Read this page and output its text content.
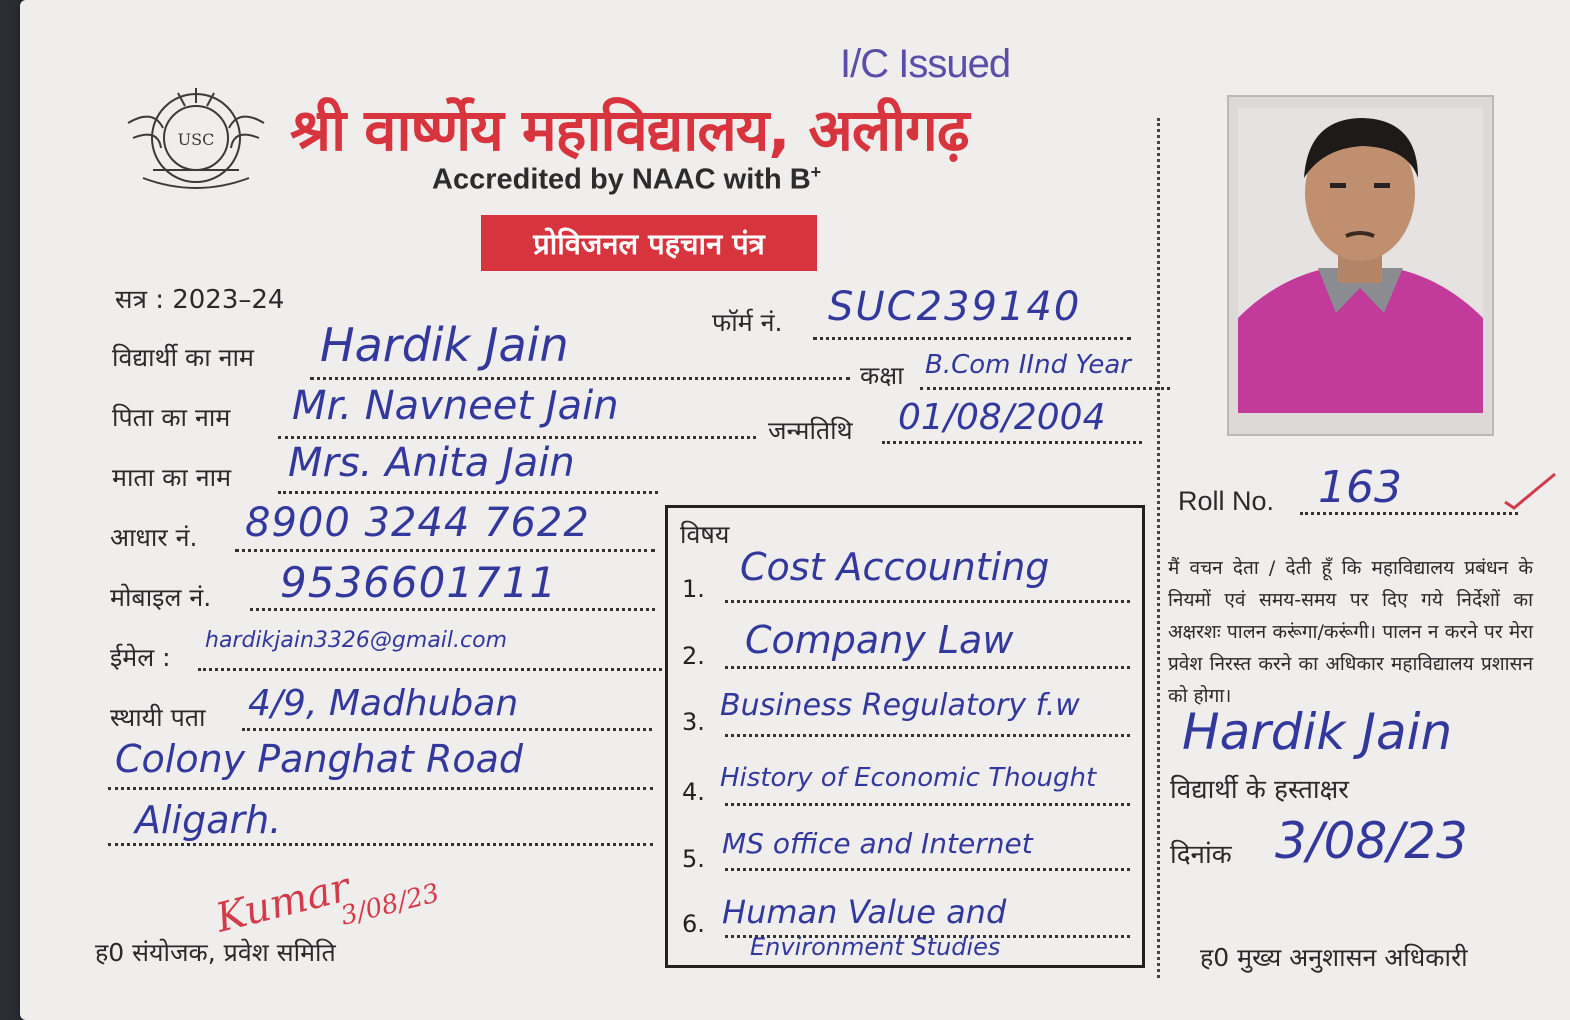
USC श्री वार्ष्णेय महाविद्यालय, अलीगढ़
I/C Issued
Accredited by NAAC with B+
प्रोविजनल पहचान पंत्र
सत्र : 2023–24
फॉर्म नं. SUC239140
विद्यार्थी का नाम Hardik Jain
कक्षा B.Com IInd Year
पिता का नाम Mr. Navneet Jain
जन्मतिथि 01/08/2004
माता का नाम Mrs. Anita Jain
आधार नं. 8900 3244 7622
मोबाइल नं. 9536601711
ईमेल :
hardikjain3326@gmail.com
स्थायी पता 4/9, Madhuban
Colony Panghat Road
Aligarh.
Kumar
3/08/23
ह0 संयोजक, प्रवेश समिति
विषय
1. Cost Accounting
2. Company Law
3. Business Regulatory f.w
4. History of Economic Thought
5. MS office and Internet
6. Human Value and
Environment Studies
Roll No. 163
मैं वचन देता / देती हूँ कि महाविद्यालय प्रबंधन के नियमों एवं समय-समय पर दिए गये निर्देशों का अक्षरशः पालन करूंगा/करूंगी। पालन न करने पर मेरा प्रवेश निरस्त करने का अधिकार महाविद्यालय प्रशासन को होगा।
Hardik Jain
विद्यार्थी के हस्ताक्षर
दिनांक 3/08/23
ह0 मुख्य अनुशासन अधिकारी
